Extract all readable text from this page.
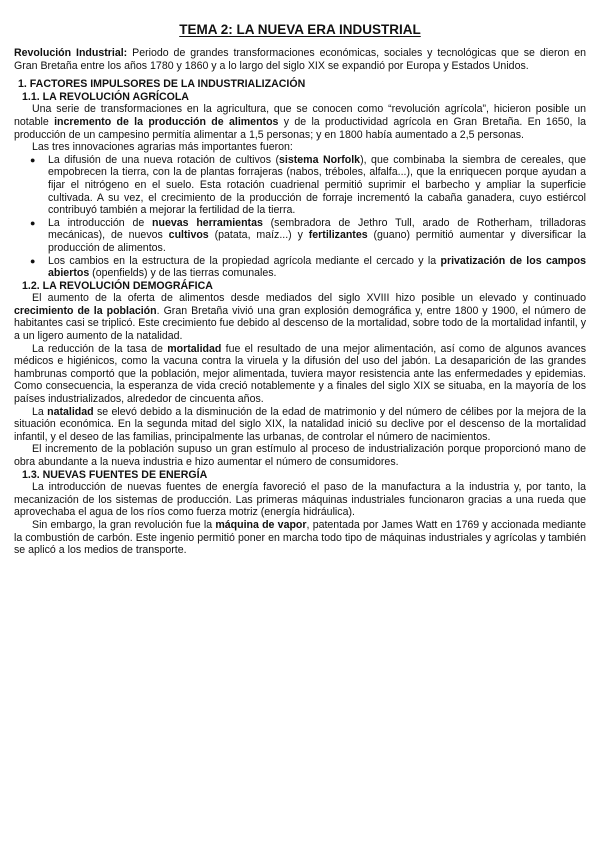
TEMA 2: LA NUEVA ERA INDUSTRIAL

Revolución Industrial: Periodo de grandes transformaciones económicas, sociales y tecnológicas que se dieron en Gran Bretaña entre los años 1780 y 1860 y a lo largo del siglo XIX se expandió por Europa y Estados Unidos.

1. FACTORES IMPULSORES DE LA INDUSTRIALIZACIÓN
1.1. LA REVOLUCIÓN AGRÍCOLA

Una serie de transformaciones en la agricultura, que se conocen como “revolución agrícola”, hicieron posible un notable incremento de la producción de alimentos y de la productividad agrícola en Gran Bretaña. En 1650, la producción de un campesino permitía alimentar a 1,5 personas; y en 1800 había aumentado a 2,5 personas.

Las tres innovaciones agrarias más importantes fueron:

● La difusión de una nueva rotación de cultivos (sistema Norfolk), que combinaba la siembra de cereales, que empobrecen la tierra, con la de plantas forrajeras (nabos, tréboles, alfalfa...), que la enriquecen porque ayudan a fijar el nitrógeno en el suelo. Esta rotación cuadrienal permitió suprimir el barbecho y ampliar la superficie cultivada. A su vez, el crecimiento de la producción de forraje incrementó la cabaña ganadera, cuyo estiércol contribuyó también a mejorar la fertilidad de la tierra.
● La introducción de nuevas herramientas (sembradora de Jethro Tull, arado de Rotherham, trilladoras mecánicas), de nuevos cultivos (patata, maíz...) y fertilizantes (guano) permitió aumentar y diversificar la producción de alimentos.
● Los cambios en la estructura de la propiedad agrícola mediante el cercado y la privatización de los campos abiertos (openfields) y de las tierras comunales.
1.2. LA REVOLUCIÓN DEMOGRÁFICA

El aumento de la oferta de alimentos desde mediados del siglo XVIII hizo posible un elevado y continuado crecimiento de la población. Gran Bretaña vivió una gran explosión demográfica y, entre 1800 y 1900, el número de habitantes casi se triplicó. Este crecimiento fue debido al descenso de la mortalidad, sobre todo de la mortalidad infantil, y a un ligero aumento de la natalidad.

La reducción de la tasa de mortalidad fue el resultado de una mejor alimentación, así como de algunos avances médicos e higiénicos, como la vacuna contra la viruela y la difusión del uso del jabón. La desaparición de las grandes hambrunas comportó que la población, mejor alimentada, tuviera mayor resistencia ante las enfermedades y epidemias. Como consecuencia, la esperanza de vida creció notablemente y a finales del siglo XIX se situaba, en la mayoría de los países industrializados, alrededor de cincuenta años.

La natalidad se elevó debido a la disminución de la edad de matrimonio y del número de célibes por la mejora de la situación económica. En la segunda mitad del siglo XIX, la natalidad inició su declive por el descenso de la mortalidad infantil, y el deseo de las familias, principalmente las urbanas, de controlar el número de nacimientos.

El incremento de la población supuso un gran estímulo al proceso de industrialización porque proporcionó mano de obra abundante a la nueva industria e hizo aumentar el número de consumidores.

1.3. NUEVAS FUENTES DE ENERGÍA

La introducción de nuevas fuentes de energía favoreció el paso de la manufactura a la industria y, por tanto, la mecanización de los sistemas de producción. Las primeras máquinas industriales funcionaron gracias a una rueda que aprovechaba el agua de los ríos como fuerza motriz (energía hidráulica).

Sin embargo, la gran revolución fue la máquina de vapor, patentada por James Watt en 1769 y accionada mediante la combustión de carbón. Este ingenio permitió poner en marcha todo tipo de máquinas industriales y agrícolas y también se aplicó a los medios de transporte.
